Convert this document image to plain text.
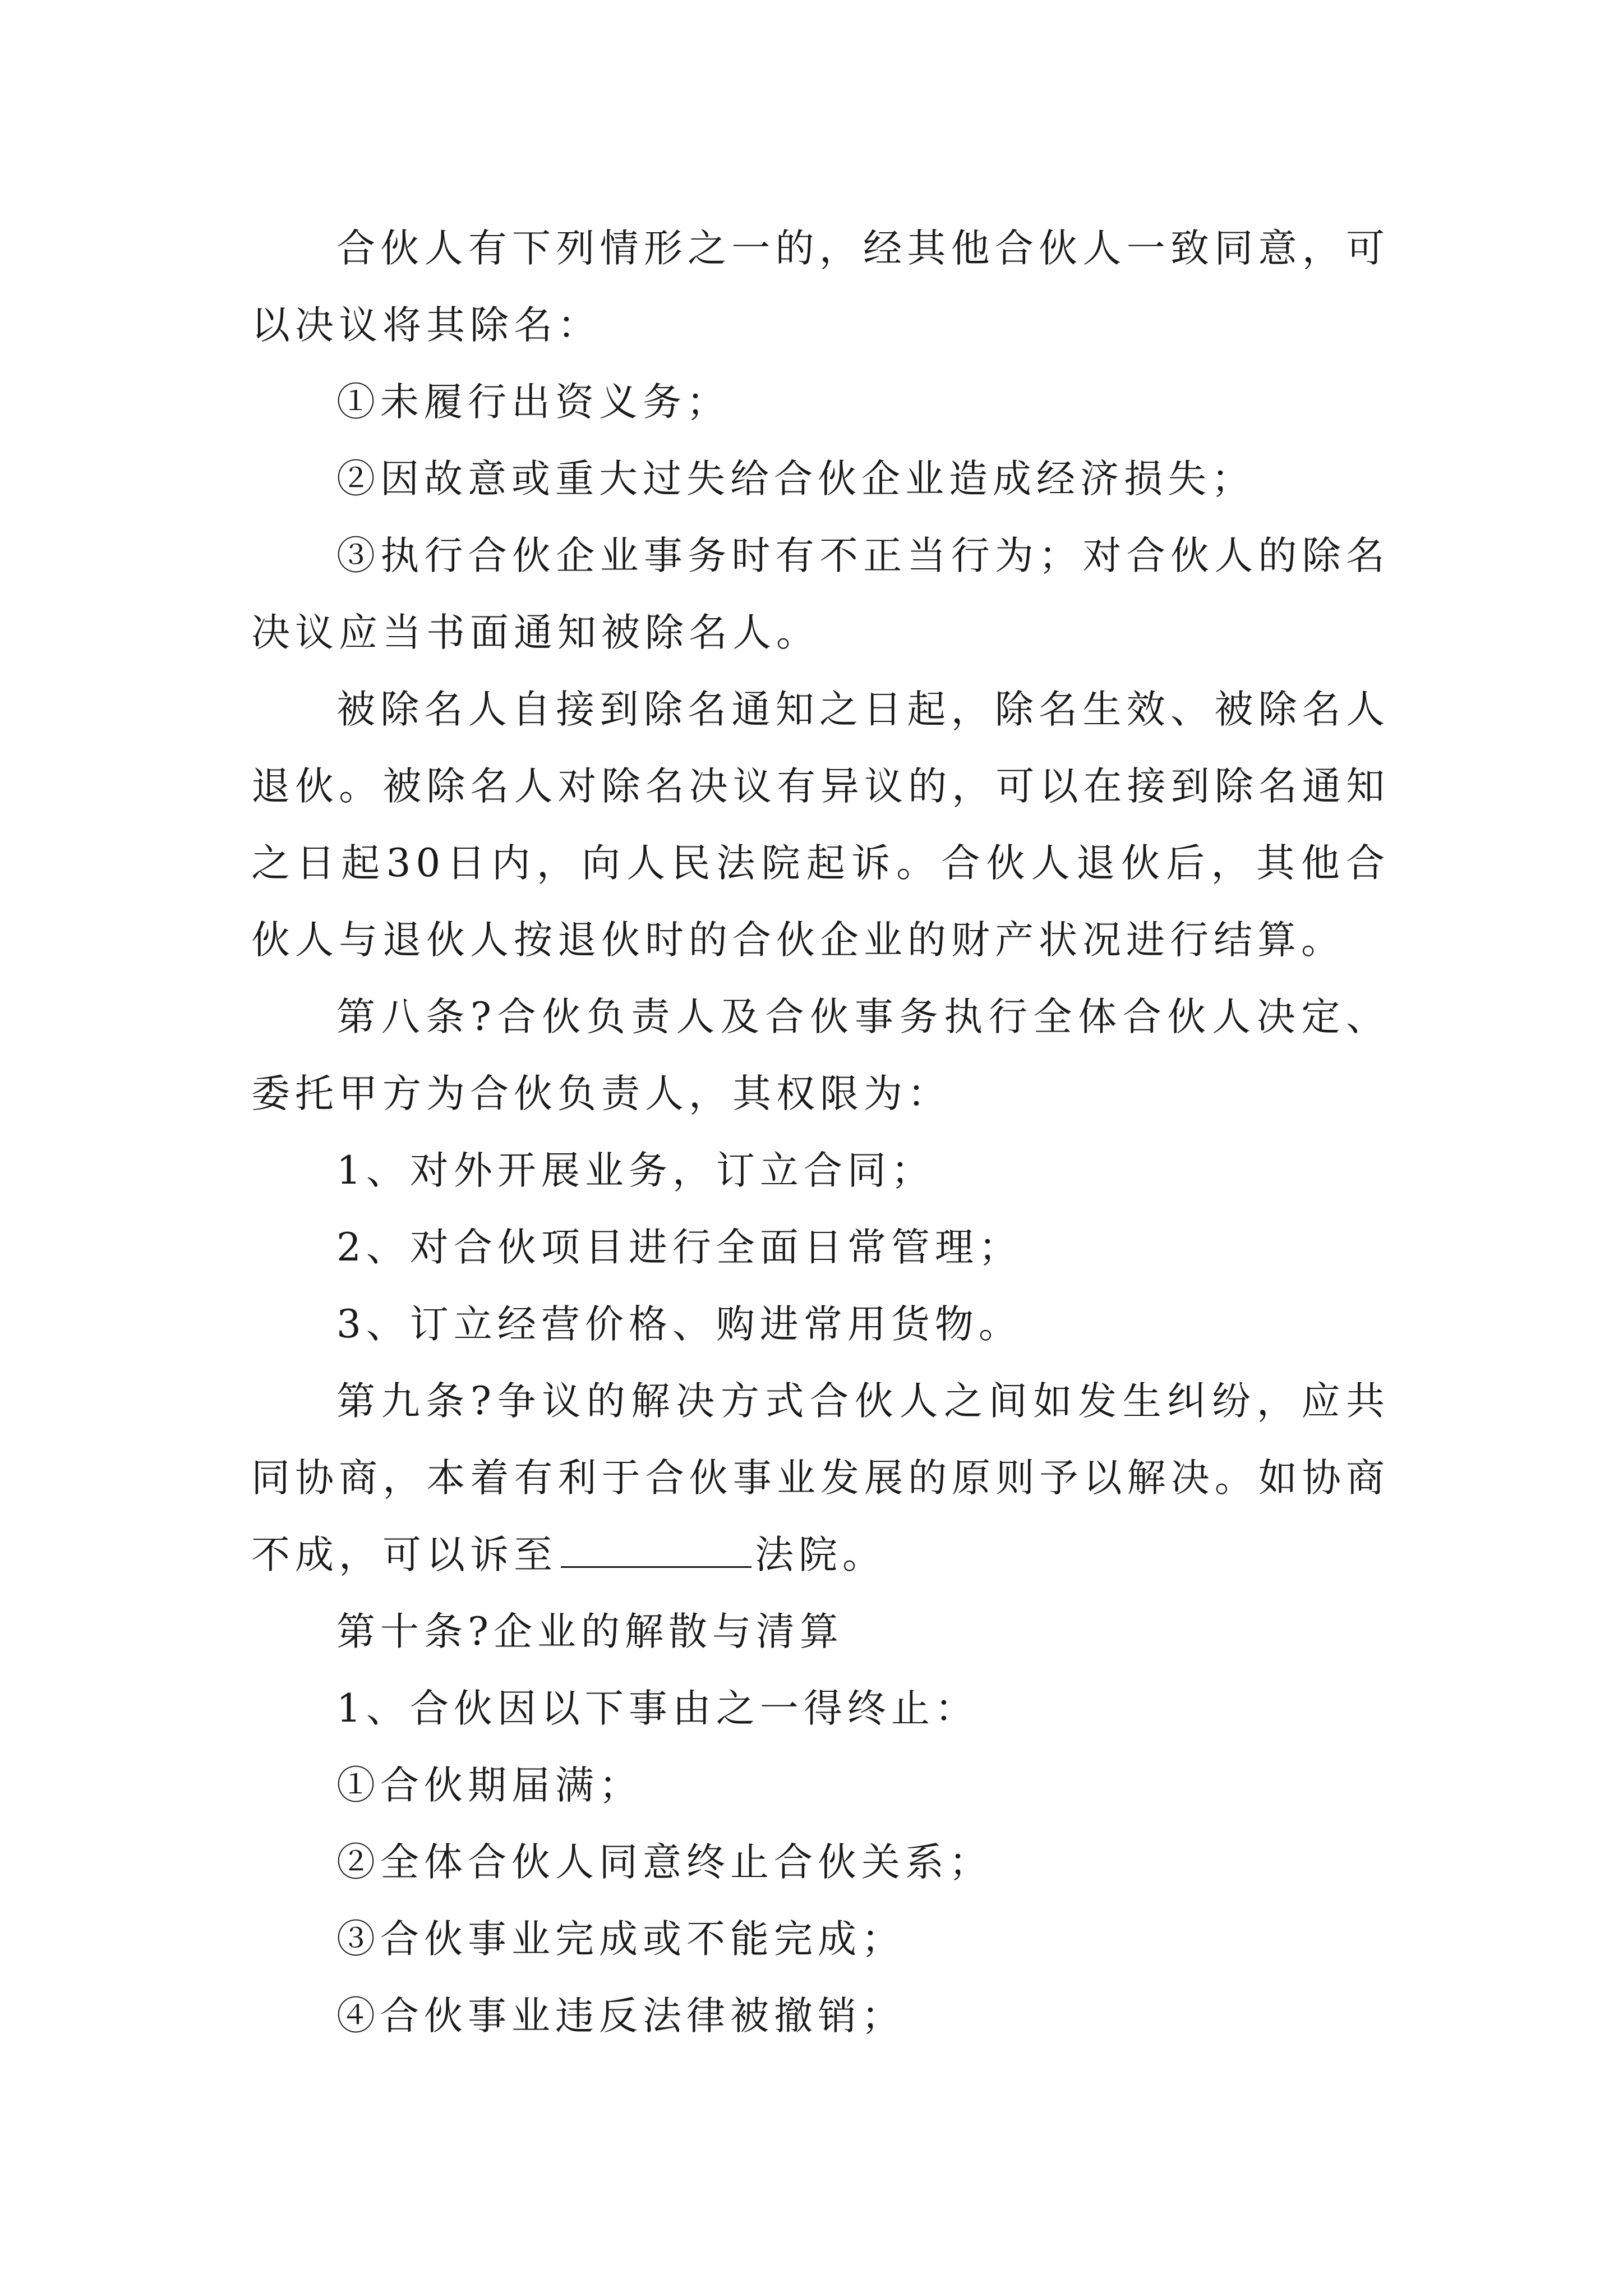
合伙人有下列情形之一的，经其他合伙人一致同意，可以决议将其除名：

①未履行出资义务；

②因故意或重大过失给合伙企业造成经济损失；

③执行合伙企业事务时有不正当行为；对合伙人的除名决议应当书面通知被除名人。

被除名人自接到除名通知之日起，除名生效、被除名人退伙。被除名人对除名决议有异议的，可以在接到除名通知之日起30日内，向人民法院起诉。合伙人退伙后，其他合伙人与退伙人按退伙时的合伙企业的财产状况进行结算。

第八条?合伙负责人及合伙事务执行全体合伙人决定、委托甲方为合伙负责人，其权限为：

1、对外开展业务，订立合同；

2、对合伙项目进行全面日常管理；

3、订立经营价格、购进常用货物。

第九条?争议的解决方式合伙人之间如发生纠纷，应共同协商，本着有利于合伙事业发展的原则予以解决。如协商不成，可以诉至	法院。

第十条?企业的解散与清算

1、合伙因以下事由之一得终止：

①合伙期届满；

②全体合伙人同意终止合伙关系；

③合伙事业完成或不能完成；

④合伙事业违反法律被撤销；
